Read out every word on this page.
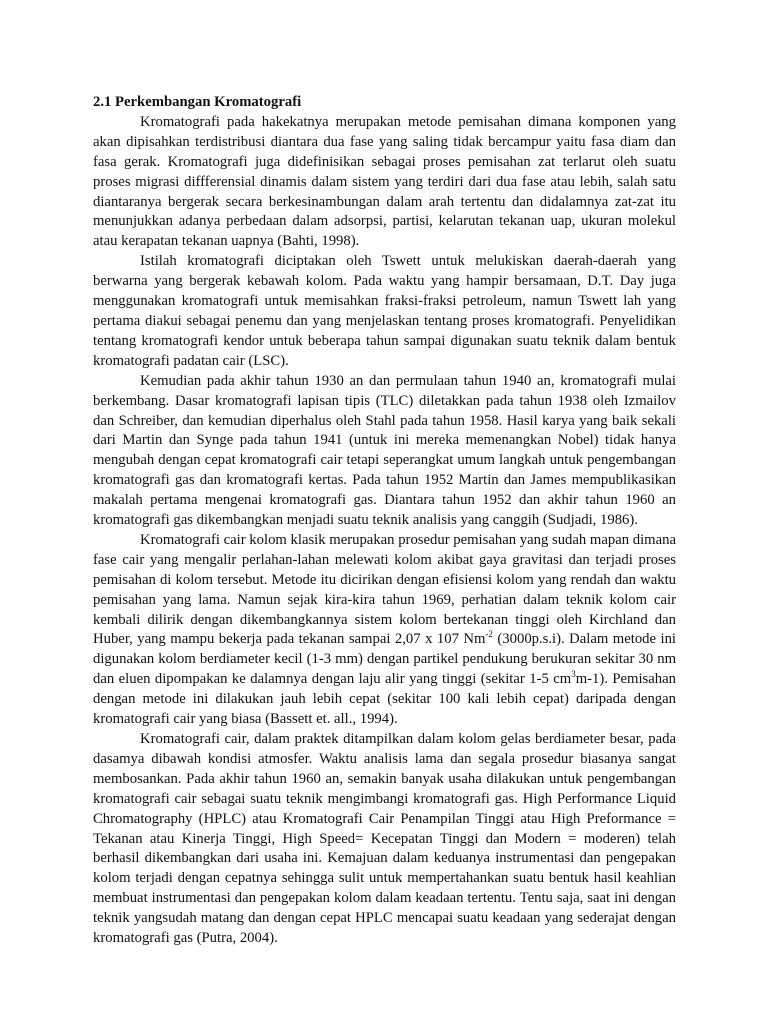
2.1 Perkembangan Kromatografi

Kromatografi pada hakekatnya merupakan metode pemisahan dimana komponen yang akan dipisahkan terdistribusi diantara dua fase yang saling tidak bercampur yaitu fasa diam dan fasa gerak. Kromatografi juga didefinisikan sebagai proses pemisahan zat terlarut oleh suatu proses migrasi diffferensial dinamis dalam sistem yang terdiri dari dua fase atau lebih, salah satu diantaranya bergerak secara berkesinambungan dalam arah tertentu dan didalamnya zat-zat itu menunjukkan adanya perbedaan dalam adsorpsi, partisi, kelarutan tekanan uap, ukuran molekul atau kerapatan tekanan uapnya (Bahti, 1998).

Istilah kromatografi diciptakan oleh Tswett untuk melukiskan daerah-daerah yang berwarna yang bergerak kebawah kolom. Pada waktu yang hampir bersamaan, D.T. Day juga menggunakan kromatografi untuk memisahkan fraksi-fraksi petroleum, namun Tswett lah yang pertama diakui sebagai penemu dan yang menjelaskan tentang proses kromatografi. Penyelidikan tentang kromatografi kendor untuk beberapa tahun sampai digunakan suatu teknik dalam bentuk kromatografi padatan cair (LSC).

Kemudian pada akhir tahun 1930 an dan permulaan tahun 1940 an, kromatografi mulai berkembang. Dasar kromatografi lapisan tipis (TLC) diletakkan pada tahun 1938 oleh Izmailov dan Schreiber, dan kemudian diperhalus oleh Stahl pada tahun 1958. Hasil karya yang baik sekali dari Martin dan Synge pada tahun 1941 (untuk ini mereka memenangkan Nobel) tidak hanya mengubah dengan cepat kromatografi cair tetapi seperangkat umum langkah untuk pengembangan kromatografi gas dan kromatografi kertas. Pada tahun 1952 Martin dan James mempublikasikan makalah pertama mengenai kromatografi gas. Diantara tahun 1952 dan akhir tahun 1960 an kromatografi gas dikembangkan menjadi suatu teknik analisis yang canggih (Sudjadi, 1986).

Kromatografi cair kolom klasik merupakan prosedur pemisahan yang sudah mapan dimana fase cair yang mengalir perlahan-lahan melewati kolom akibat gaya gravitasi dan terjadi proses pemisahan di kolom tersebut. Metode itu dicirikan dengan efisiensi kolom yang rendah dan waktu pemisahan yang lama. Namun sejak kira-kira tahun 1969, perhatian dalam teknik kolom cair kembali dilirik dengan dikembangkannya sistem kolom bertekanan tinggi oleh Kirchland dan Huber, yang mampu bekerja pada tekanan sampai 2,07 x 107 $Nm^{-2}$ (3000p.s.i). Dalam metode ini digunakan kolom berdiameter kecil (1-3 mm) dengan partikel pendukung berukuran sekitar 30 nm dan eluen dipompakan ke dalamnya dengan laju alir yang tinggi (sekitar 1-5 $cm^3m-1$). Pemisahan dengan metode ini dilakukan jauh lebih cepat (sekitar 100 kali lebih cepat) daripada dengan kromatografi cair yang biasa (Bassett et. all., 1994).

Kromatografi cair, dalam praktek ditampilkan dalam kolom gelas berdiameter besar, pada dasamya dibawah kondisi atmosfer. Waktu analisis lama dan segala prosedur biasanya sangat membosankan. Pada akhir tahun 1960 an, semakin banyak usaha dilakukan untuk pengembangan kromatografi cair sebagai suatu teknik mengimbangi kromatografi gas. High Performance Liquid Chromatography (HPLC) atau Kromatografi Cair Penampilan Tinggi atau High Preformance = Tekanan atau Kinerja Tinggi, High Speed= Kecepatan Tinggi dan Modern = moderen) telah berhasil dikembangkan dari usaha ini. Kemajuan dalam keduanya instrumentasi dan pengepakan kolom terjadi dengan cepatnya sehingga sulit untuk mempertahankan suatu bentuk hasil keahlian membuat instrumentasi dan pengepakan kolom dalam keadaan tertentu. Tentu saja, saat ini dengan teknik yangsudah matang dan dengan cepat HPLC mencapai suatu keadaan yang sederajat dengan kromatografi gas (Putra, 2004).
